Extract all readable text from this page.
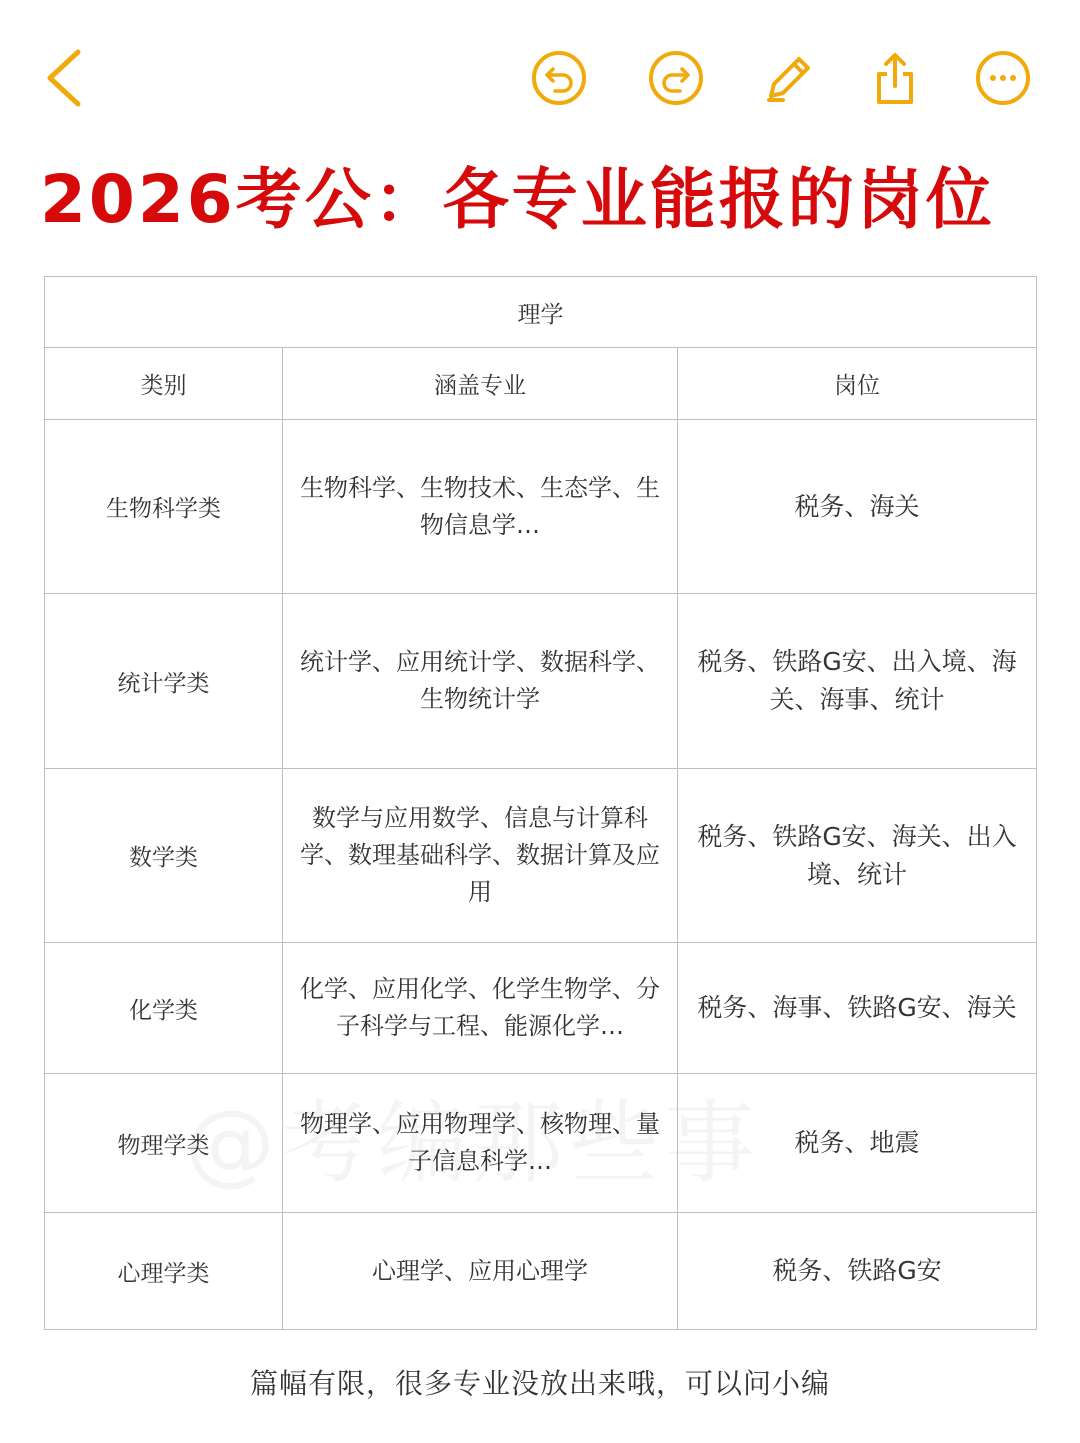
2026考公：各专业能报的岗位
理学		
类别	涵盖专业	岗位
生物科学类	生物科学、生物技术、生态学、生物信息学…	税务、海关
统计学类	统计学、应用统计学、数据科学、生物统计学	税务、铁路G安、出入境、海关、海事、统计
数学类	数学与应用数学、信息与计算科学、数理基础科学、数据计算及应用	税务、铁路G安、海关、出入境、统计
化学类	化学、应用化学、化学生物学、分子科学与工程、能源化学…	税务、海事、铁路G安、海关
物理学类	物理学、应用物理学、核物理、量子信息科学…	税务、地震
心理学类	心理学、应用心理学	税务、铁路G安
篇幅有限，很多专业没放出来哦，可以问小编
